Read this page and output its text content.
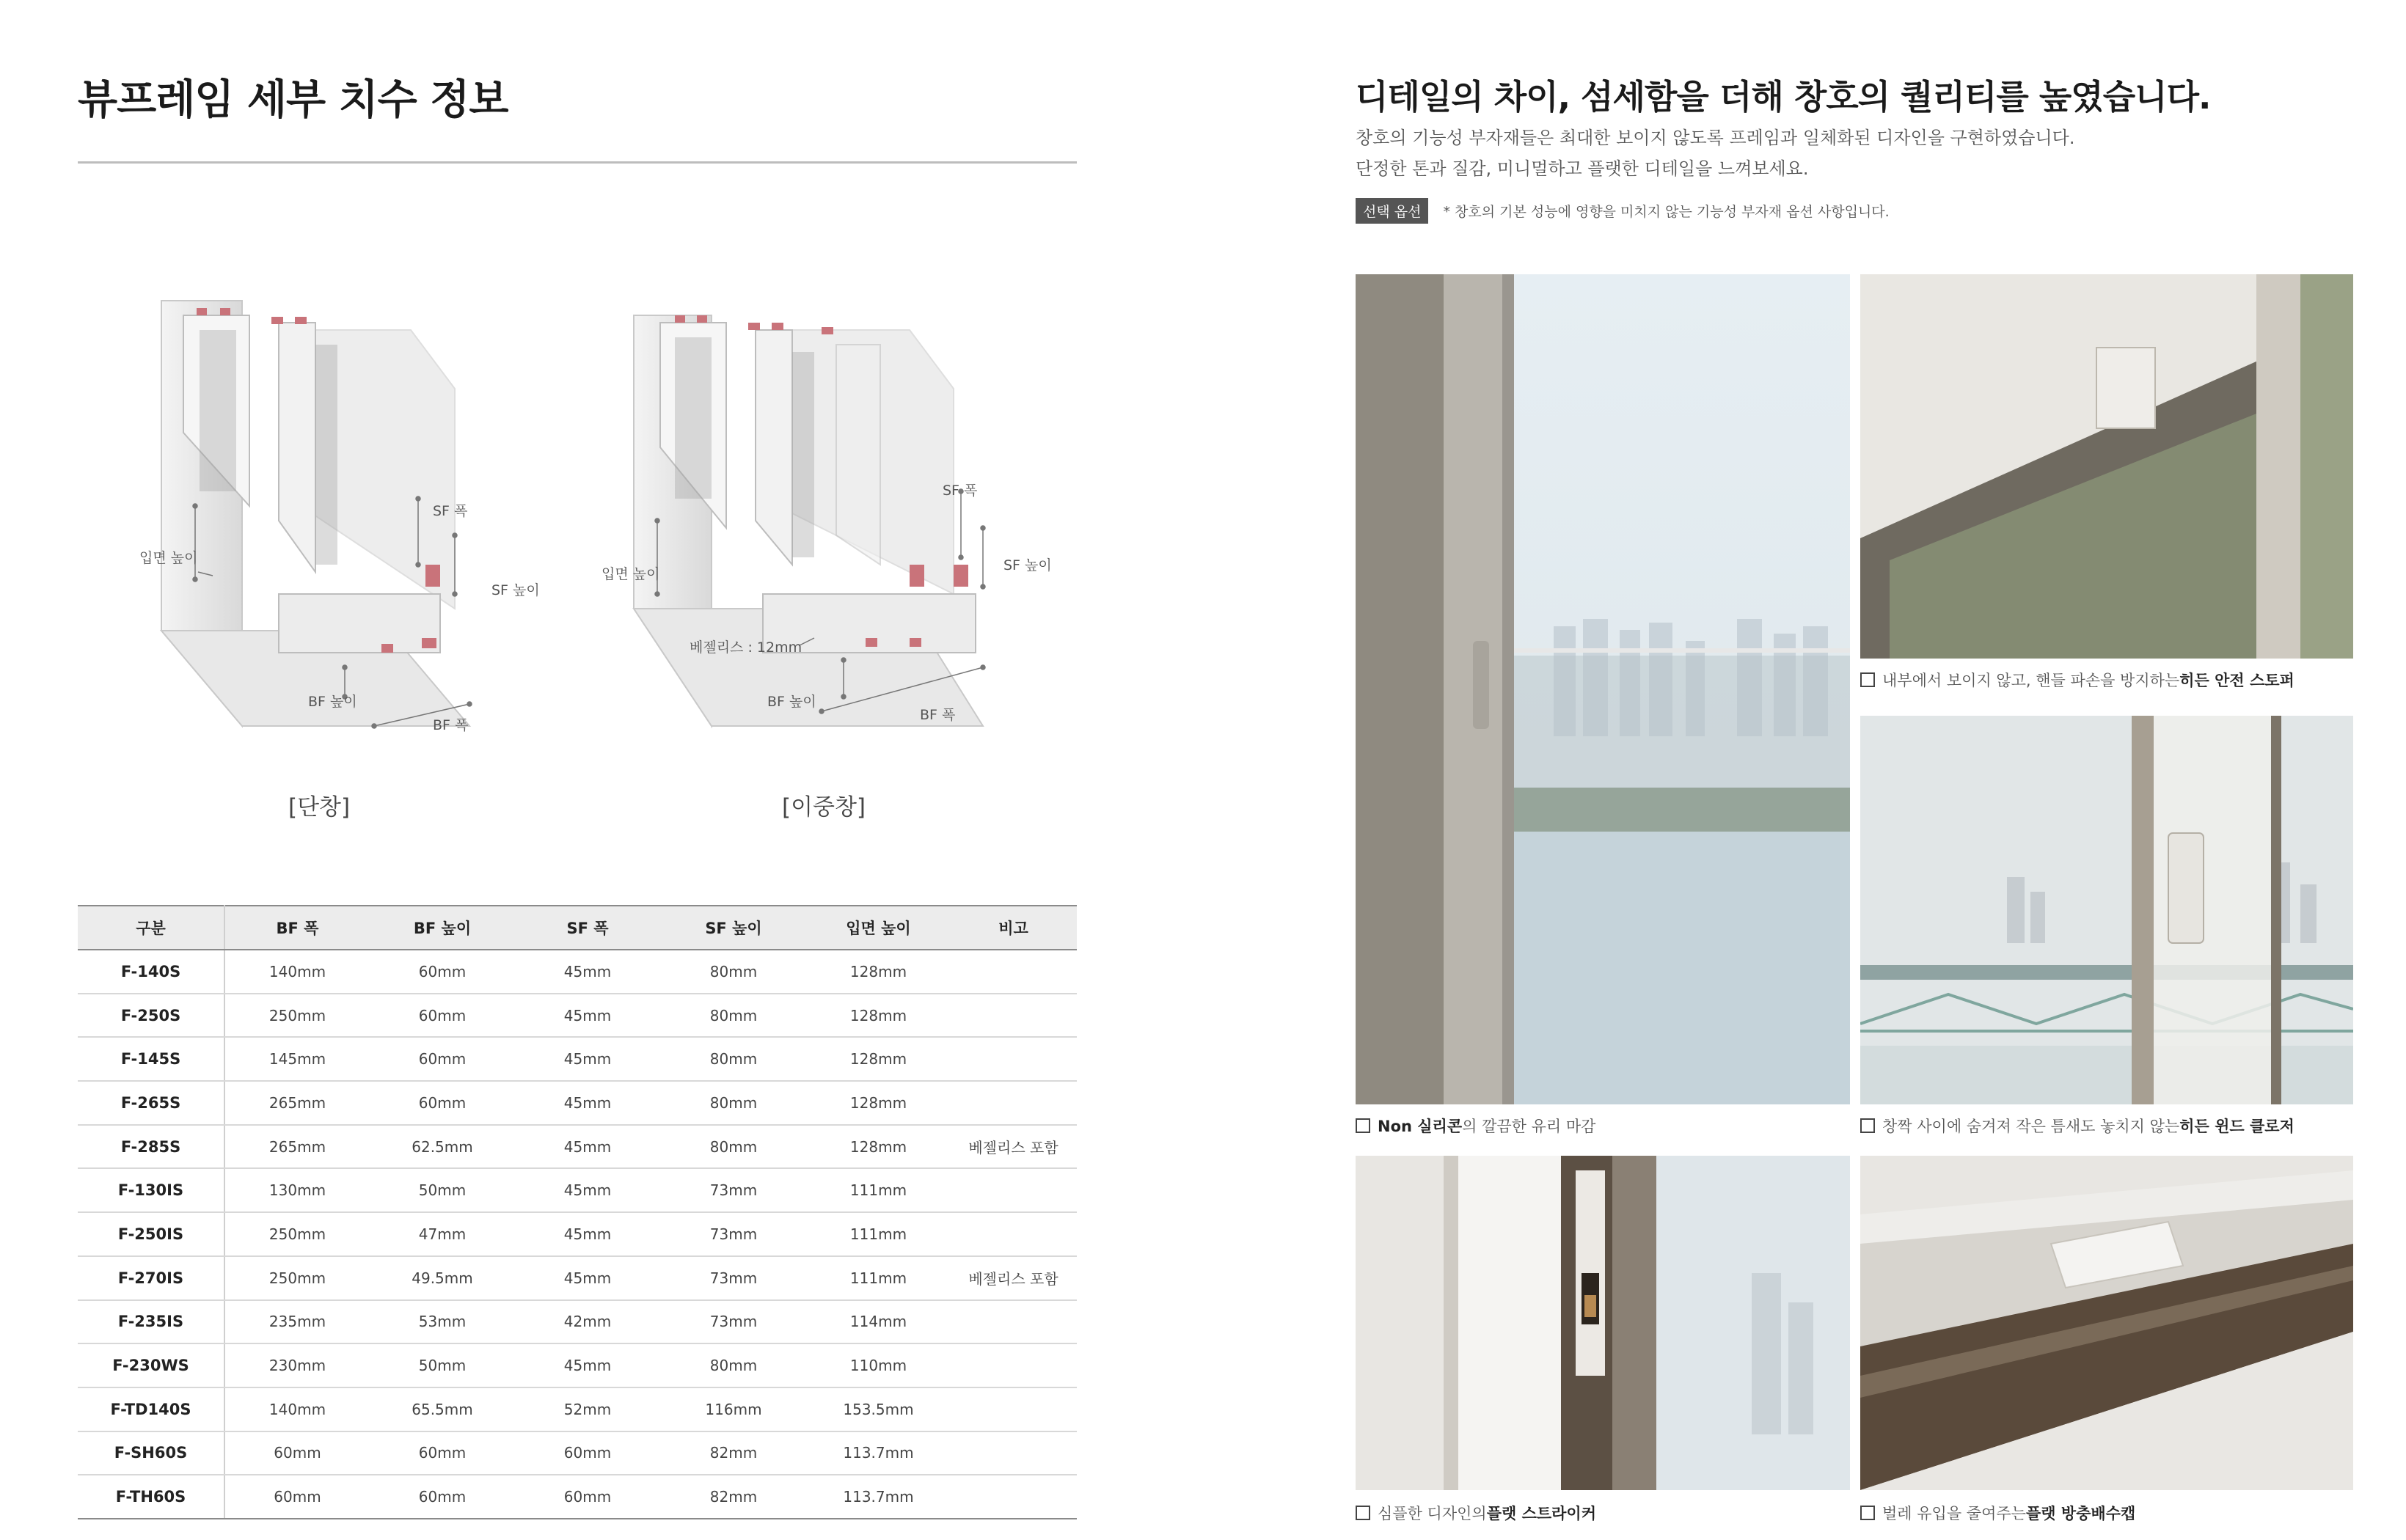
뷰프레임 세부 치수 정보
SF 폭
SF 높이
입면 높이
BF 높이
BF 폭
[단창]
SF 폭
SF 높이
입면 높이
베젤리스 : 12mm
BF 높이
BF 폭
[이중창]
구분	BF 폭	BF 높이	SF 폭	SF 높이	입면 높이	비고
F-140S	140mm	60mm	45mm	80mm	128mm	
F-250S	250mm	60mm	45mm	80mm	128mm	
F-145S	145mm	60mm	45mm	80mm	128mm	
F-265S	265mm	60mm	45mm	80mm	128mm	
F-285S	265mm	62.5mm	45mm	80mm	128mm	베젤리스 포함
F-130IS	130mm	50mm	45mm	73mm	111mm	
F-250IS	250mm	47mm	45mm	73mm	111mm	
F-270IS	250mm	49.5mm	45mm	73mm	111mm	베젤리스 포함
F-235IS	235mm	53mm	42mm	73mm	114mm	
F-230WS	230mm	50mm	45mm	80mm	110mm	
F-TD140S	140mm	65.5mm	52mm	116mm	153.5mm	
F-SH60S	60mm	60mm	60mm	82mm	113.7mm	
F-TH60S	60mm	60mm	60mm	82mm	113.7mm	
디테일의 차이, 섬세함을 더해 창호의 퀄리티를 높였습니다.
창호의 기능성 부자재들은 최대한 보이지 않도록 프레임과 일체화된 디자인을 구현하였습니다.
단정한 톤과 질감, 미니멀하고 플랫한 디테일을 느껴보세요.
선택 옵션	* 창호의 기본 성능에 영향을 미치지 않는 기능성 부자재 옵션 사항입니다.
Non 실리콘 의 깔끔한 유리 마감
내부에서 보이지 않고, 핸들 파손을 방지하는 히든 안전 스토퍼
창짝 사이에 숨겨져 작은 틈새도 놓치지 않는 히든 윈드 클로저
심플한 디자인의 플랫 스트라이커	벌레 유입을 줄여주는 플랫 방충배수캡
